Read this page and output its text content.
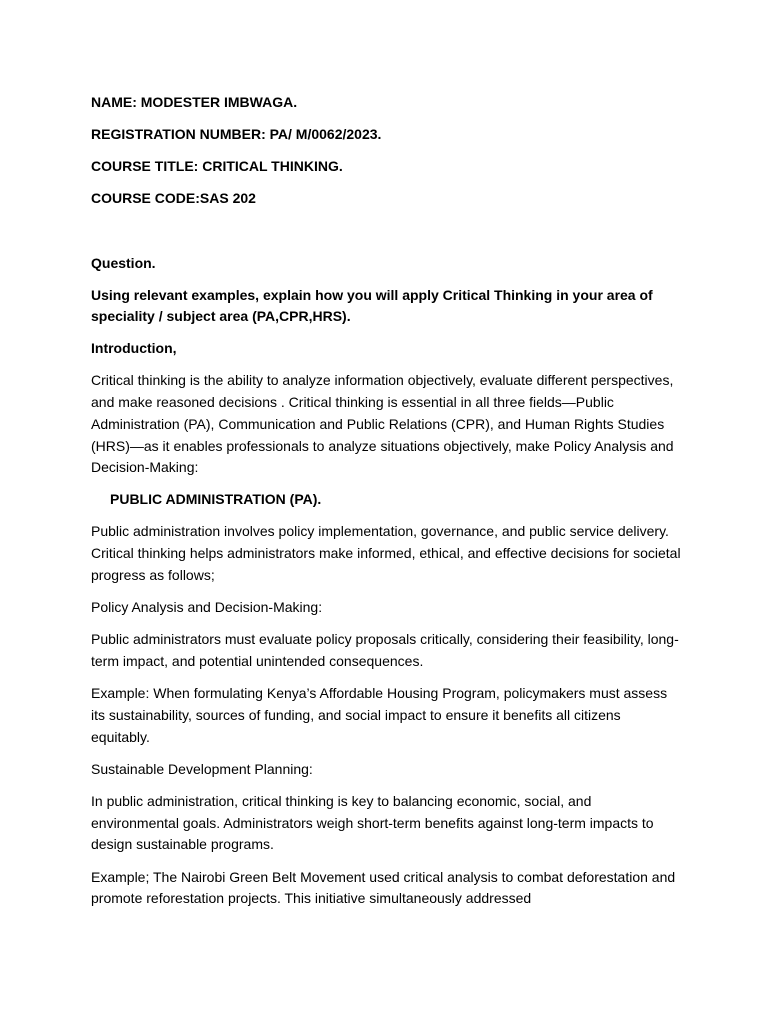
NAME: MODESTER IMBWAGA.

REGISTRATION NUMBER: PA/ M/0062/2023.

COURSE TITLE: CRITICAL THINKING.

COURSE CODE:SAS 202

Question.

Using relevant examples, explain how you will apply Critical Thinking in your area of speciality / subject area (PA,CPR,HRS).

Introduction,

Critical thinking is the ability to analyze information objectively, evaluate different perspectives, and make reasoned decisions . Critical thinking is essential in all three fields—Public Administration (PA), Communication and Public Relations (CPR), and Human Rights Studies (HRS)—as it enables professionals to analyze situations objectively, make Policy Analysis and Decision-Making:

PUBLIC ADMINISTRATION (PA).

Public administration involves policy implementation, governance, and public service delivery. Critical thinking helps administrators make informed, ethical, and effective decisions for societal progress as follows;

Policy Analysis and Decision-Making:

Public administrators must evaluate policy proposals critically, considering their feasibility, long-term impact, and potential unintended consequences.

Example: When formulating Kenya’s Affordable Housing Program, policymakers must assess its sustainability, sources of funding, and social impact to ensure it benefits all citizens equitably.

Sustainable Development Planning:

In public administration, critical thinking is key to balancing economic, social, and environmental goals. Administrators weigh short-term benefits against long-term impacts to design sustainable programs.

Example; The Nairobi Green Belt Movement used critical analysis to combat deforestation and promote reforestation projects. This initiative simultaneously addressed
